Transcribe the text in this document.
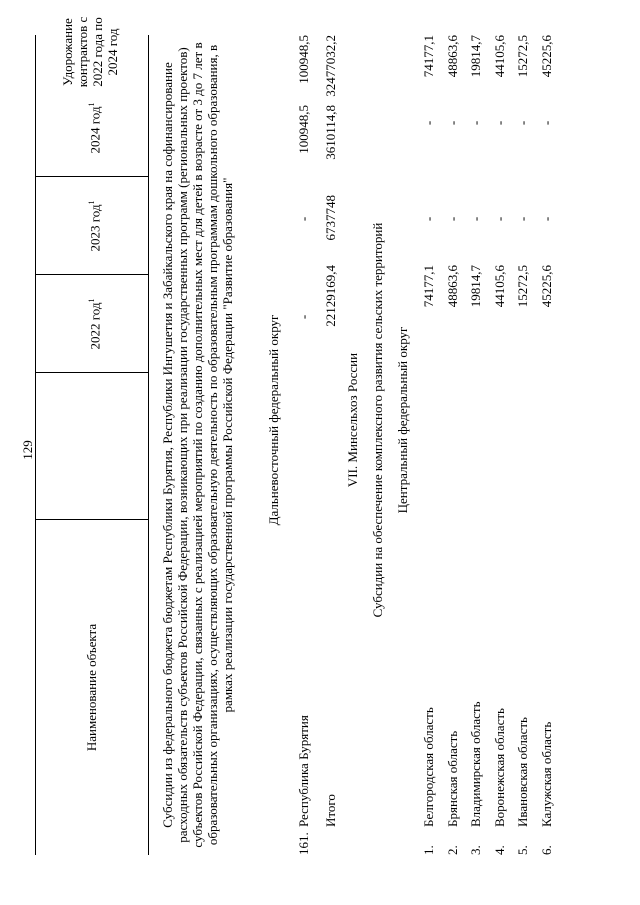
129
Наименование объекта
2022 год$^1$
2023 год$^1$
2024 год$^1$
Удорожание контрактов с 2022 года по 2024 год
Субсидии из федерального бюджета бюджетам Республики Бурятия, Республики Ингушетия и Забайкальского края на софинансирование расходных обязательств субъектов Российской Федерации, возникающих при реализации государственных программ (региональных проектов) субъектов Российской Федерации, связанных с реализацией мероприятий по созданию дополнительных мест для детей в возрасте от 3 до 7 лет в образовательных организациях, осуществляющих образовательную деятельность по образовательным программам дошкольного образования, в рамках реализации государственной программы Российской Федерации "Развитие образования" Дальневосточный федеральный округ
161.
Республика Бурятия
-
-
100948,5
100948,5
Итого
22129169,4
6737748
3610114,8
32477032,2
VII. Минсельхоз России Субсидии на обеспечение комплексного развития сельских территорий Центральный федеральный округ
1.
Белгородская область
74177,1
-
-
74177,1
2.
Брянская область
48863,6
-
-
48863,6
3.
Владимирская область
19814,7
-
-
19814,7
4.
Воронежская область
44105,6
-
-
44105,6
5.
Ивановская область
15272,5
-
-
15272,5
6.
Калужская область
45225,6
-
-
45225,6
